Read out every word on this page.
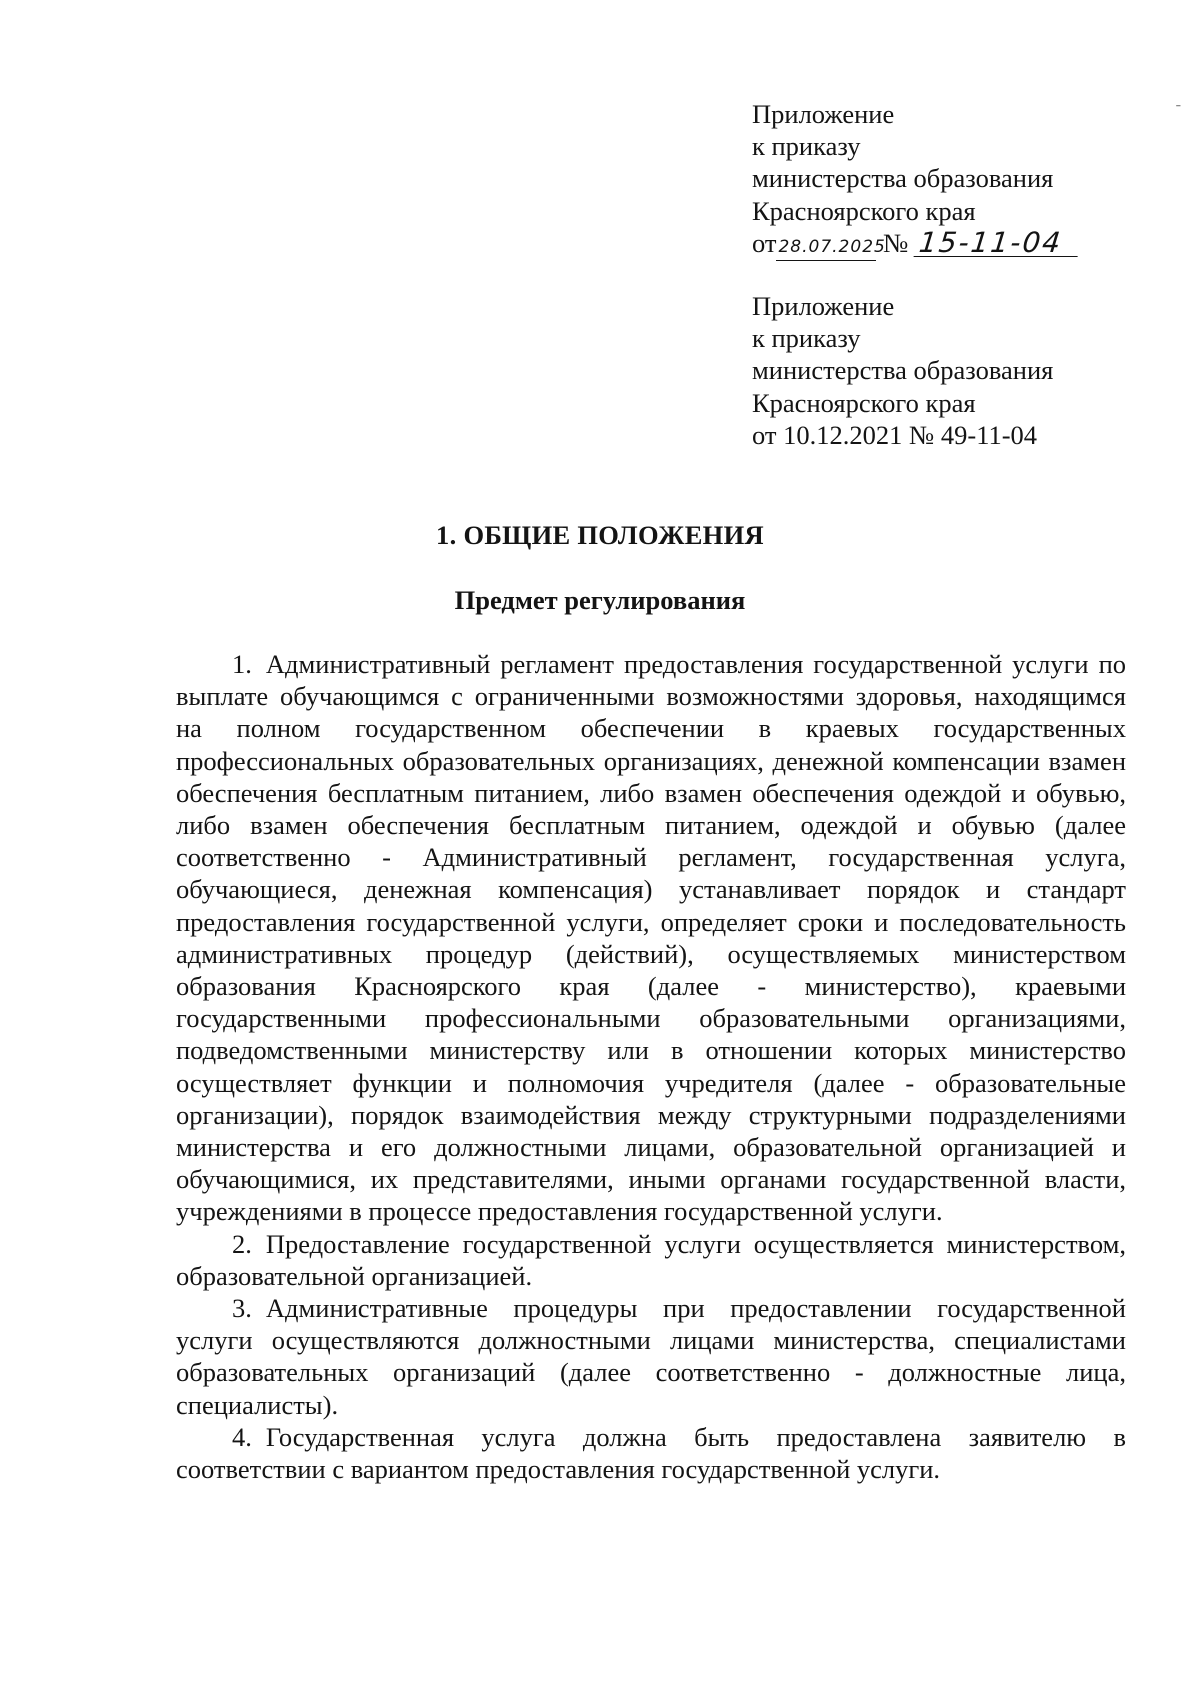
ˉ
Приложение
к приказу
министерства образования
Красноярского края
от 28.07.2025 № 15-11-04
Приложение
к приказу
министерства образования
Красноярского края
от 10.12.2021 № 49-11-04
1. ОБЩИЕ ПОЛОЖЕНИЯ
Предмет регулирования

1. Административный регламент предоставления государственной услуги по выплате обучающимся с ограниченными возможностями здоровья, находящимся на полном государственном обеспечении в краевых государственных профессиональных образовательных организациях, денежной компенсации взамен обеспечения бесплатным питанием, либо взамен обеспечения одеждой и обувью, либо взамен обеспечения бесплатным питанием, одеждой и обувью (далее соответственно - Административный регламент, государственная услуга, обучающиеся, денежная компенсация) устанавливает порядок и стандарт предоставления государственной услуги, определяет сроки и последовательность административных процедур (действий), осуществляемых министерством образования Красноярского края (далее - министерство), краевыми государственными профессиональными образовательными организациями, подведомственными министерству или в отношении которых министерство осуществляет функции и полномочия учредителя (далее - образовательные организации), порядок взаимодействия между структурными подразделениями министерства и его должностными лицами, образовательной организацией и обучающимися, их представителями, иными органами государственной власти, учреждениями в процессе предоставления государственной услуги.

2. Предоставление государственной услуги осуществляется министерством, образовательной организацией.

3. Административные процедуры при предоставлении государственной услуги осуществляются должностными лицами министерства, специалистами образовательных организаций (далее соответственно - должностные лица, специалисты).

4. Государственная услуга должна быть предоставлена заявителю в соответствии с вариантом предоставления государственной услуги.
